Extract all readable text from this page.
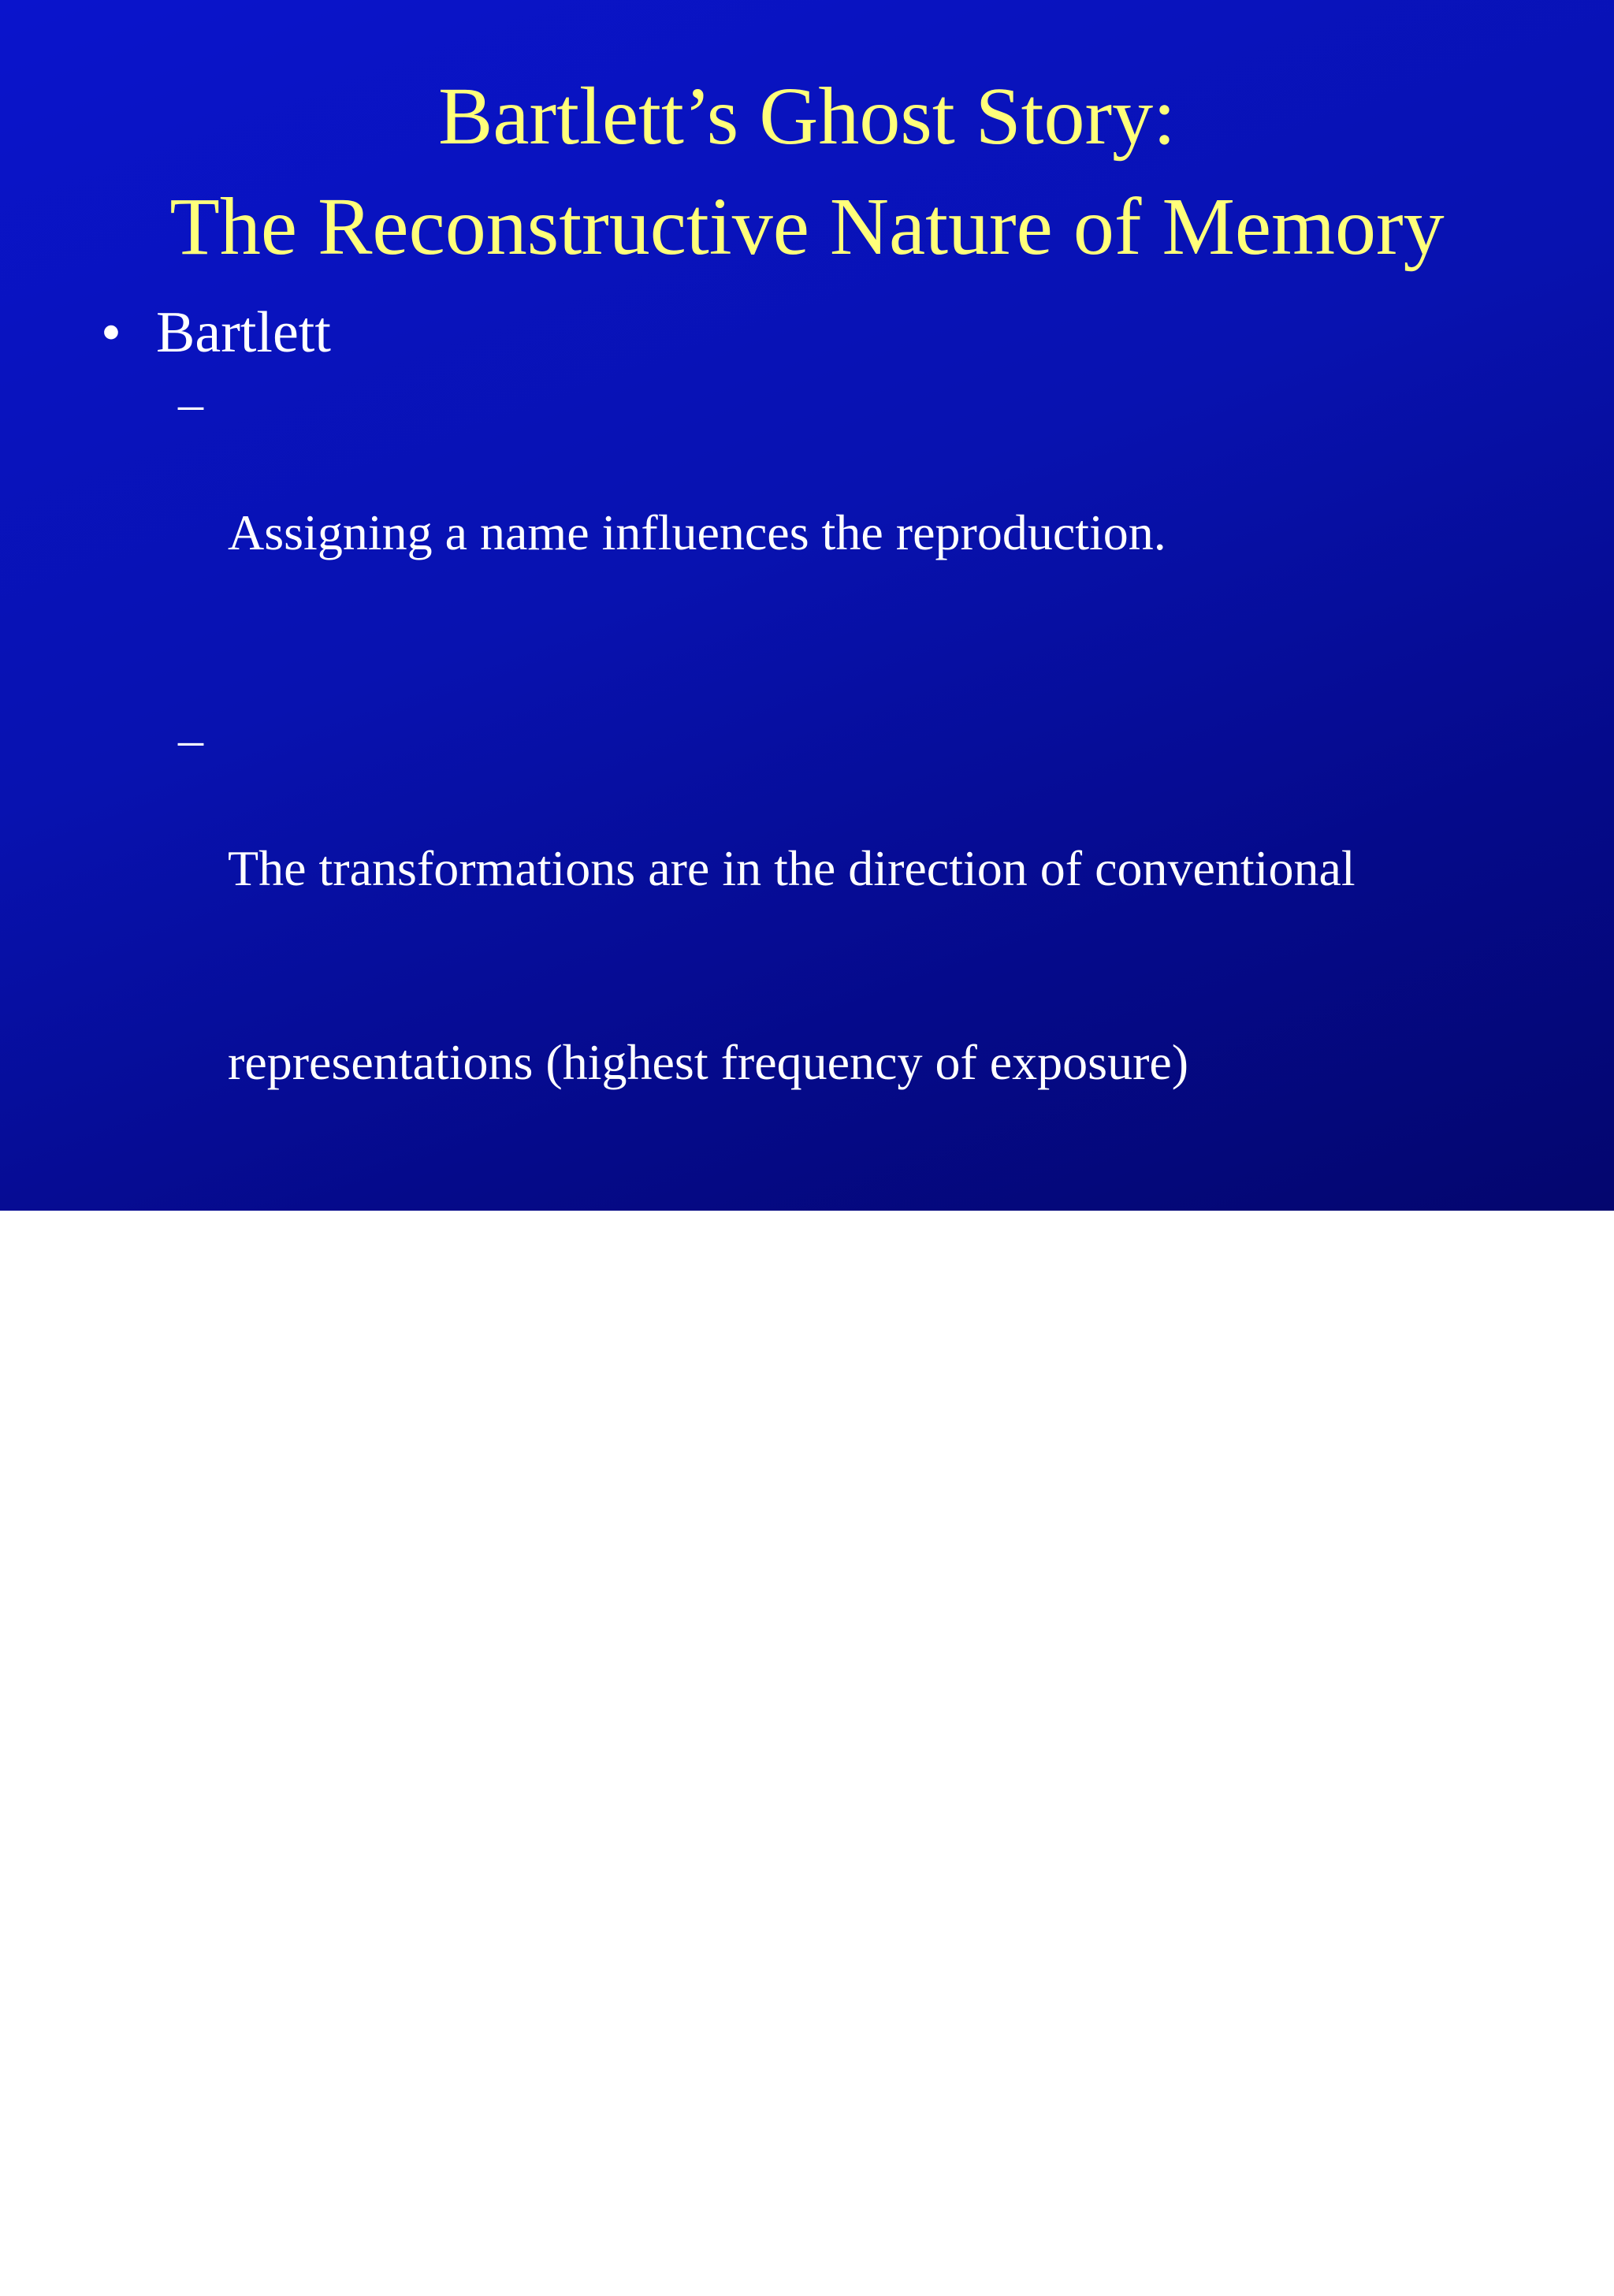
Bartlett’s Ghost Story:
The Reconstructive Nature of Memory
• Bartlett
–

Assigning a name influences the reproduction.

–

The transformations are in the direction of conventional

representations (highest frequency of exposure)

–

Features that are not at first recognized are elaborated until

recognition is produced

–

Once a recognizable feature is produced, it is reduced to its

most conventional simplification
